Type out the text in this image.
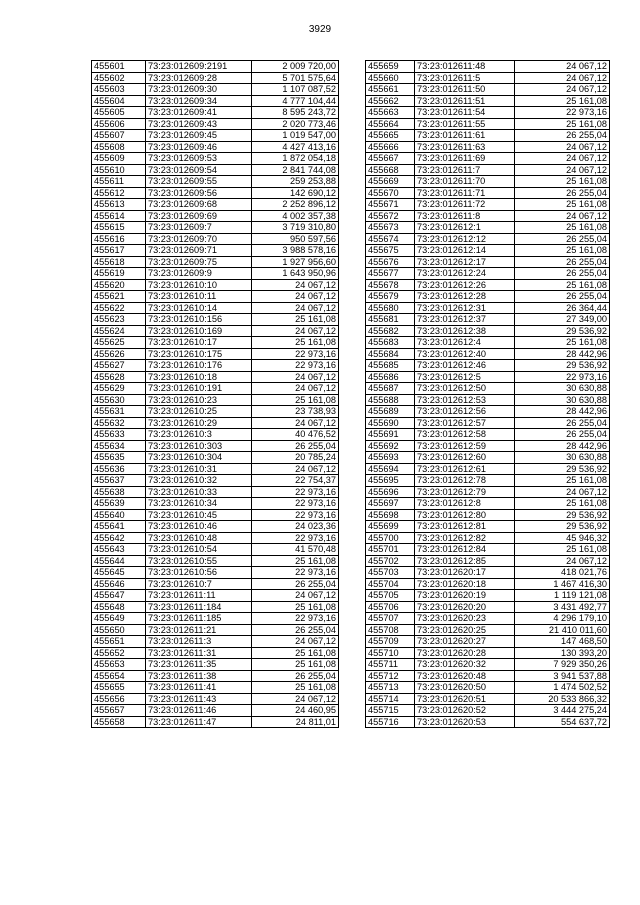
3929
455601	73:23:012609:2191	2 009 720,00
455602	73:23:012609:28	5 701 575,64
455603	73:23:012609:30	1 107 087,52
455604	73:23:012609:34	4 777 104,44
455605	73:23:012609:41	8 595 243,72
455606	73:23:012609:43	2 020 773,46
455607	73:23:012609:45	1 019 547,00
455608	73:23:012609:46	4 427 413,16
455609	73:23:012609:53	1 872 054,18
455610	73:23:012609:54	2 841 744,08
455611	73:23:012609:55	259 253,88
455612	73:23:012609:56	142 690,12
455613	73:23:012609:68	2 252 896,12
455614	73:23:012609:69	4 002 357,38
455615	73:23:012609:7	3 719 310,80
455616	73:23:012609:70	950 597,56
455617	73:23:012609:71	3 988 578,16
455618	73:23:012609:75	1 927 956,60
455619	73:23:012609:9	1 643 950,96
455620	73:23:012610:10	24 067,12
455621	73:23:012610:11	24 067,12
455622	73:23:012610:14	24 067,12
455623	73:23:012610:156	25 161,08
455624	73:23:012610:169	24 067,12
455625	73:23:012610:17	25 161,08
455626	73:23:012610:175	22 973,16
455627	73:23:012610:176	22 973,16
455628	73:23:012610:18	24 067,12
455629	73:23:012610:191	24 067,12
455630	73:23:012610:23	25 161,08
455631	73:23:012610:25	23 738,93
455632	73:23:012610:29	24 067,12
455633	73:23:012610:3	40 476,52
455634	73:23:012610:303	26 255,04
455635	73:23:012610:304	20 785,24
455636	73:23:012610:31	24 067,12
455637	73:23:012610:32	22 754,37
455638	73:23:012610:33	22 973,16
455639	73:23:012610:34	22 973,16
455640	73:23:012610:45	22 973,16
455641	73:23:012610:46	24 023,36
455642	73:23:012610:48	22 973,16
455643	73:23:012610:54	41 570,48
455644	73:23:012610:55	25 161,08
455645	73:23:012610:56	22 973,16
455646	73:23:012610:7	26 255,04
455647	73:23:012611:11	24 067,12
455648	73:23:012611:184	25 161,08
455649	73:23:012611:185	22 973,16
455650	73:23:012611:21	26 255,04
455651	73:23:012611:3	24 067,12
455652	73:23:012611:31	25 161,08
455653	73:23:012611:35	25 161,08
455654	73:23:012611:38	26 255,04
455655	73:23:012611:41	25 161,08
455656	73:23:012611:43	24 067,12
455657	73:23:012611:46	24 460,95
455658	73:23:012611:47	24 811,01
455659	73:23:012611:48	24 067,12
455660	73:23:012611:5	24 067,12
455661	73:23:012611:50	24 067,12
455662	73:23:012611:51	25 161,08
455663	73:23:012611:54	22 973,16
455664	73:23:012611:55	25 161,08
455665	73:23:012611:61	26 255,04
455666	73:23:012611:63	24 067,12
455667	73:23:012611:69	24 067,12
455668	73:23:012611:7	24 067,12
455669	73:23:012611:70	25 161,08
455670	73:23:012611:71	26 255,04
455671	73:23:012611:72	25 161,08
455672	73:23:012611:8	24 067,12
455673	73:23:012612:1	25 161,08
455674	73:23:012612:12	26 255,04
455675	73:23:012612:14	25 161,08
455676	73:23:012612:17	26 255,04
455677	73:23:012612:24	26 255,04
455678	73:23:012612:26	25 161,08
455679	73:23:012612:28	26 255,04
455680	73:23:012612:31	26 364,44
455681	73:23:012612:37	27 349,00
455682	73:23:012612:38	29 536,92
455683	73:23:012612:4	25 161,08
455684	73:23:012612:40	28 442,96
455685	73:23:012612:46	29 536,92
455686	73:23:012612:5	22 973,16
455687	73:23:012612:50	30 630,88
455688	73:23:012612:53	30 630,88
455689	73:23:012612:56	28 442,96
455690	73:23:012612:57	26 255,04
455691	73:23:012612:58	26 255,04
455692	73:23:012612:59	28 442,96
455693	73:23:012612:60	30 630,88
455694	73:23:012612:61	29 536,92
455695	73:23:012612:78	25 161,08
455696	73:23:012612:79	24 067,12
455697	73:23:012612:8	25 161,08
455698	73:23:012612:80	29 536,92
455699	73:23:012612:81	29 536,92
455700	73:23:012612:82	45 946,32
455701	73:23:012612:84	25 161,08
455702	73:23:012612:85	24 067,12
455703	73:23:012620:17	418 021,76
455704	73:23:012620:18	1 467 416,30
455705	73:23:012620:19	1 119 121,08
455706	73:23:012620:20	3 431 492,77
455707	73:23:012620:23	4 296 179,10
455708	73:23:012620:25	21 410 011,60
455709	73:23:012620:27	147 468,50
455710	73:23:012620:28	130 393,20
455711	73:23:012620:32	7 929 350,26
455712	73:23:012620:48	3 941 537,88
455713	73:23:012620:50	1 474 502,52
455714	73:23:012620:51	20 533 866,32
455715	73:23:012620:52	3 444 275,24
455716	73:23:012620:53	554 637,72
